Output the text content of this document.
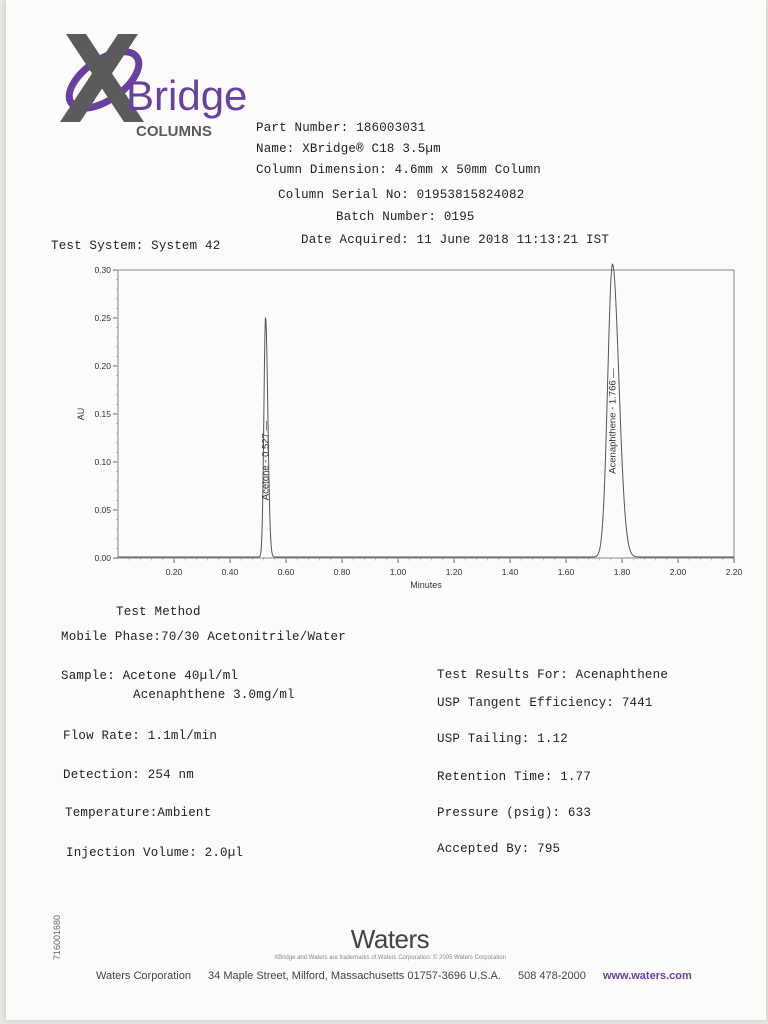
Bridge
COLUMNS	Part Number: 186003031
Name: XBridge® C18 3.5µm
Column Dimension: 4.6mm x 50mm Column
Column Serial No: 01953815824082
Batch Number: 0195
Test System: System 42	Date Acquired: 11 June 2018 11:13:21 IST
0.00
0.05
0.10
0.15
0.20
0.25
0.30
0.20	0.40	0.60	0.80	1.00	1.20	1.40	1.60	1.80	2.00	2.20
Minutes
AU
Acetone - 0.527 —	Acenaphthene - 1.766 —
Test Method
Mobile Phase:70/30 Acetonitrile/Water
Sample: Acetone 40µl/ml
Acenaphthene 3.0mg/ml
Flow Rate: 1.1ml/min
Detection: 254 nm
Temperature:Ambient
Injection Volume: 2.0µl
Test Results For: Acenaphthene
USP Tangent Efficiency: 7441
USP Tailing: 1.12
Retention Time: 1.77
Pressure (psig): 633
Accepted By: 795
Waters
XBridge and Waters are trademarks of Waters Corporation. © 2005 Waters Corporation
Waters Corporation 34 Maple Street, Milford, Massachusetts 01757-3696 U.S.A. 508 478-2000 www.waters.com
716001680
